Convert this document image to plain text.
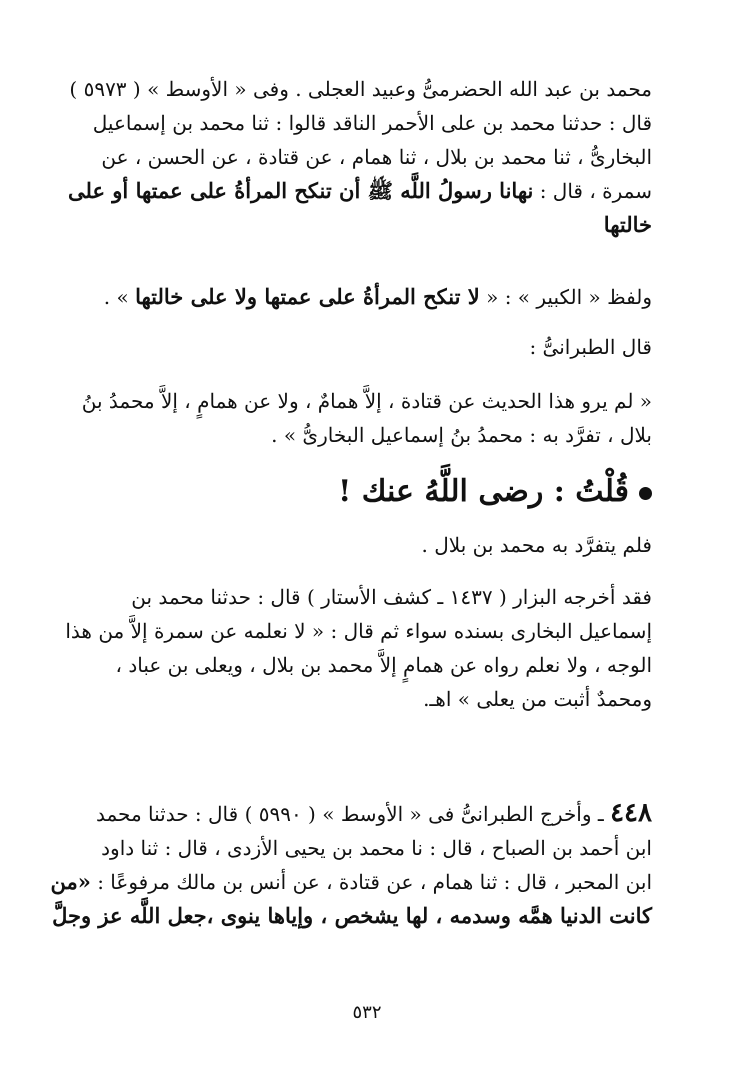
محمد بن عبد الله الحضرمىُّ وعبيد العجلى . وفى « الأوسط » ( ٥٩٧٣ )
قال : حدثنا محمد بن على الأحمر الناقد قالوا : ثنا محمد بن إسماعيل
البخارىُّ ، ثنا محمد بن بلال ، ثنا همام ، عن قتادة ، عن الحسن ، عن
سمرة ، قال : نهانا رسولُ اللَّه ﷺ أن تنكح المرأةُ على عمتها أو على
خالتها
ولفظ « الكبير » : « لا تنكح المرأةُ على عمتها ولا على خالتها » .
قال الطبرانىُّ :
« لم يرو هذا الحديث عن قتادة ، إلاَّ همامٌ ، ولا عن همامٍ ، إلاَّ محمدُ بنُ
بلال ، تفرَّد به : محمدُ بنُ إسماعيل البخارىُّ » .
قُلْتُ : رضى اللَّهُ عنك !
فلم يتفرَّد به محمد بن بلال .
فقد أخرجه البزار ( ١٤٣٧ ـ كشف الأستار ) قال : حدثنا محمد بن
إسماعيل البخارى بسنده سواء ثم قال : « لا نعلمه عن سمرة إلاَّ من هذا
الوجه ، ولا نعلم رواه عن همامٍ إلاَّ محمد بن بلال ، ويعلى بن عباد ،
ومحمدٌ أثبت من يعلى » اهـ.
٤٤٨ ـ وأخرج الطبرانىُّ فى « الأوسط » ( ٥٩٩٠ ) قال : حدثنا محمد
ابن أحمد بن الصباح ، قال : نا محمد بن يحيى الأزدى ، قال : ثنا داود
ابن المحبر ، قال : ثنا همام ، عن قتادة ، عن أنس بن مالك مرفوعًا : «من
كانت الدنيا همَّه وسدمه ، لها يشخص ، وإياها ينوى ،جعل اللَّه عز وجلَّ
٥٣٢
